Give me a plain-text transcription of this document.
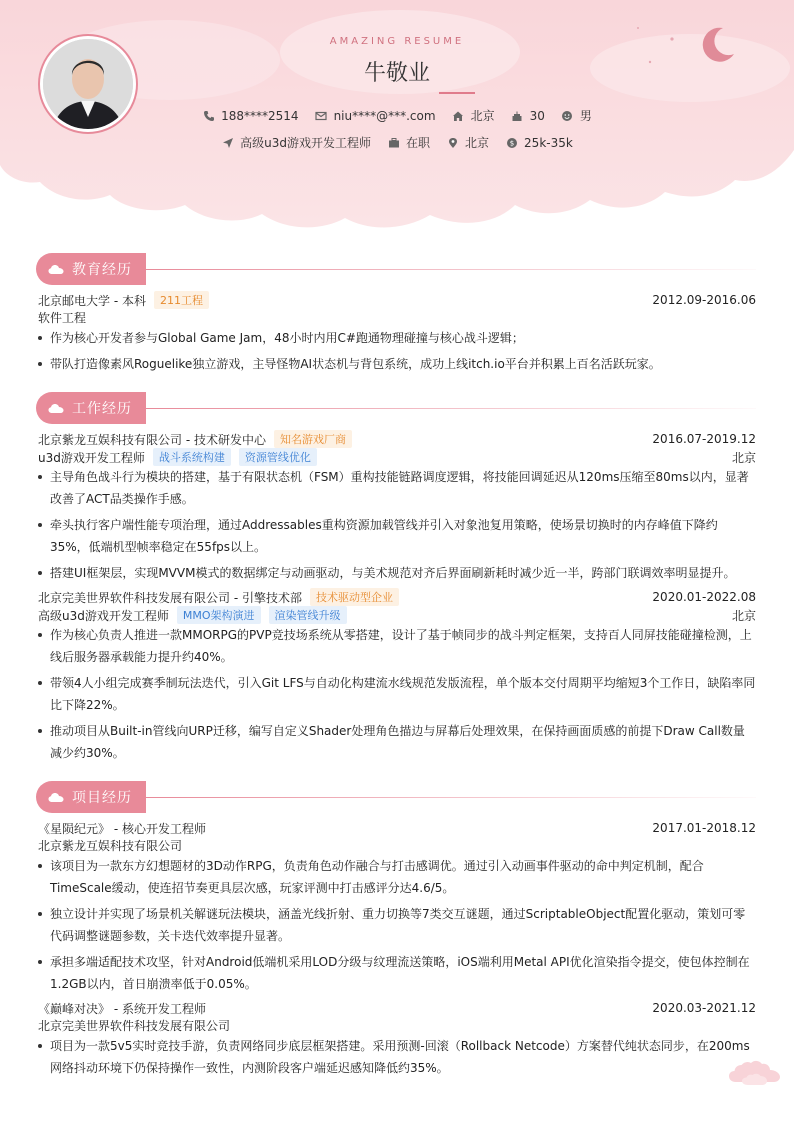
AMAZING RESUME
牛敬业
188****2514	niu****@***.com	北京	30	男
高级u3d游戏开发工程师	在职	北京	$ 25k-35k
教育经历
北京邮电大学 - 本科	211工程	2012.09-2016.06
软件工程
作为核心开发者参与Global Game Jam，48小时内用C#跑通物理碰撞与核心战斗逻辑；
带队打造像素风Roguelike独立游戏，主导怪物AI状态机与背包系统，成功上线itch.io平台并积累上百名活跃玩家。
工作经历
北京紫龙互娱科技有限公司 - 技术研发中心	知名游戏厂商	2016.07-2019.12
u3d游戏开发工程师	战斗系统构建	资源管线优化	北京
主导角色战斗行为模块的搭建，基于有限状态机（FSM）重构技能链路调度逻辑，将技能回调延迟从120ms压缩至80ms以内，显著改善了ACT品类操作手感。
牵头执行客户端性能专项治理，通过Addressables重构资源加载管线并引入对象池复用策略，使场景切换时的内存峰值下降约35%，低端机型帧率稳定在55fps以上。
搭建UI框架层，实现MVVM模式的数据绑定与动画驱动，与美术规范对齐后界面刷新耗时减少近一半，跨部门联调效率明显提升。
北京完美世界软件科技发展有限公司 - 引擎技术部	技术驱动型企业	2020.01-2022.08
高级u3d游戏开发工程师	MMO架构演进	渲染管线升级	北京
作为核心负责人推进一款MMORPG的PVP竞技场系统从零搭建，设计了基于帧同步的战斗判定框架，支持百人同屏技能碰撞检测，上线后服务器承载能力提升约40%。
带领4人小组完成赛季制玩法迭代，引入Git LFS与自动化构建流水线规范发版流程，单个版本交付周期平均缩短3个工作日，缺陷率同比下降22%。
推动项目从Built-in管线向URP迁移，编写自定义Shader处理角色描边与屏幕后处理效果，在保持画面质感的前提下Draw Call数量减少约30%。
项目经历
《星陨纪元》 - 核心开发工程师	2017.01-2018.12
北京紫龙互娱科技有限公司
该项目为一款东方幻想题材的3D动作RPG，负责角色动作融合与打击感调优。通过引入动画事件驱动的命中判定机制，配合TimeScale缓动，使连招节奏更具层次感，玩家评测中打击感评分达4.6/5。
独立设计并实现了场景机关解谜玩法模块，涵盖光线折射、重力切换等7类交互谜题，通过ScriptableObject配置化驱动，策划可零代码调整谜题参数，关卡迭代效率提升显著。
承担多端适配技术攻坚，针对Android低端机采用LOD分级与纹理流送策略，iOS端利用Metal API优化渲染指令提交，使包体控制在1.2GB以内，首日崩溃率低于0.05%。
《巅峰对决》 - 系统开发工程师	2020.03-2021.12
北京完美世界软件科技发展有限公司
项目为一款5v5实时竞技手游，负责网络同步底层框架搭建。采用预测-回滚（Rollback Netcode）方案替代纯状态同步，在200ms网络抖动环境下仍保持操作一致性，内测阶段客户端延迟感知降低约35%。
